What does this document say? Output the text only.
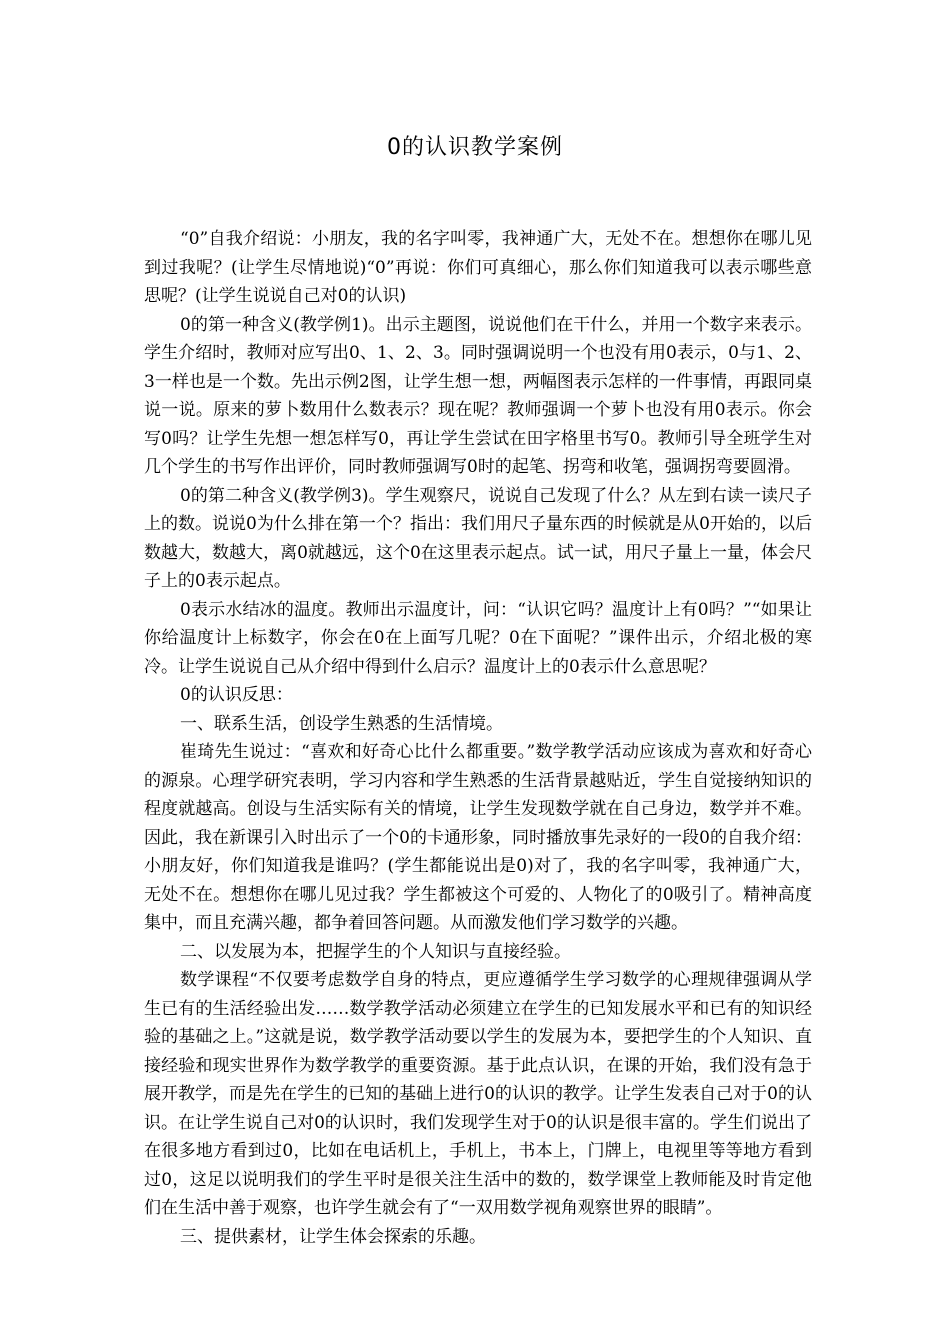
0的认识教学案例

“0”自我介绍说：小朋友，我的名字叫零，我神通广大，无处不在。想想你在哪儿见到过我呢？(让学生尽情地说)“0”再说：你们可真细心，那么你们知道我可以表示哪些意思呢？(让学生说说自己对0的认识)

0的第一种含义(教学例1)。出示主题图，说说他们在干什么，并用一个数字来表示。学生介绍时，教师对应写出0、1、2、3。同时强调说明一个也没有用0表示，0与1、2、3一样也是一个数。先出示例2图，让学生想一想，两幅图表示怎样的一件事情，再跟同桌说一说。原来的萝卜数用什么数表示？现在呢？教师强调一个萝卜也没有用0表示。你会写0吗？让学生先想一想怎样写0，再让学生尝试在田字格里书写0。教师引导全班学生对几个学生的书写作出评价，同时教师强调写0时的起笔、拐弯和收笔，强调拐弯要圆滑。

0的第二种含义(教学例3)。学生观察尺，说说自己发现了什么？从左到右读一读尺子上的数。说说0为什么排在第一个？指出：我们用尺子量东西的时候就是从0开始的，以后数越大，数越大，离0就越远，这个0在这里表示起点。试一试，用尺子量上一量，体会尺子上的0表示起点。

0表示水结冰的温度。教师出示温度计，问：“认识它吗？温度计上有0吗？”“如果让你给温度计上标数字，你会在0在上面写几呢？0在下面呢？”课件出示，介绍北极的寒冷。让学生说说自己从介绍中得到什么启示？温度计上的0表示什么意思呢？

0的认识反思：

一、联系生活，创设学生熟悉的生活情境。

崔琦先生说过：“喜欢和好奇心比什么都重要。”数学教学活动应该成为喜欢和好奇心的源泉。心理学研究表明，学习内容和学生熟悉的生活背景越贴近，学生自觉接纳知识的程度就越高。创设与生活实际有关的情境，让学生发现数学就在自己身边，数学并不难。因此，我在新课引入时出示了一个0的卡通形象，同时播放事先录好的一段0的自我介绍：小朋友好，你们知道我是谁吗？(学生都能说出是0)对了，我的名字叫零，我神通广大，无处不在。想想你在哪儿见过我？学生都被这个可爱的、人物化了的0吸引了。精神高度集中，而且充满兴趣，都争着回答问题。从而激发他们学习数学的兴趣。

二、以发展为本，把握学生的个人知识与直接经验。

数学课程“不仅要考虑数学自身的特点，更应遵循学生学习数学的心理规律强调从学生已有的生活经验出发……数学教学活动必须建立在学生的已知发展水平和已有的知识经验的基础之上。”这就是说，数学教学活动要以学生的发展为本，要把学生的个人知识、直接经验和现实世界作为数学教学的重要资源。基于此点认识，在课的开始，我们没有急于展开教学，而是先在学生的已知的基础上进行0的认识的教学。让学生发表自己对于0的认识。在让学生说自己对0的认识时，我们发现学生对于0的认识是很丰富的。学生们说出了在很多地方看到过0，比如在电话机上，手机上，书本上，门牌上，电视里等等地方看到过0，这足以说明我们的学生平时是很关注生活中的数的，数学课堂上教师能及时肯定他们在生活中善于观察，也许学生就会有了“一双用数学视角观察世界的眼睛”。

三、提供素材，让学生体会探索的乐趣。
